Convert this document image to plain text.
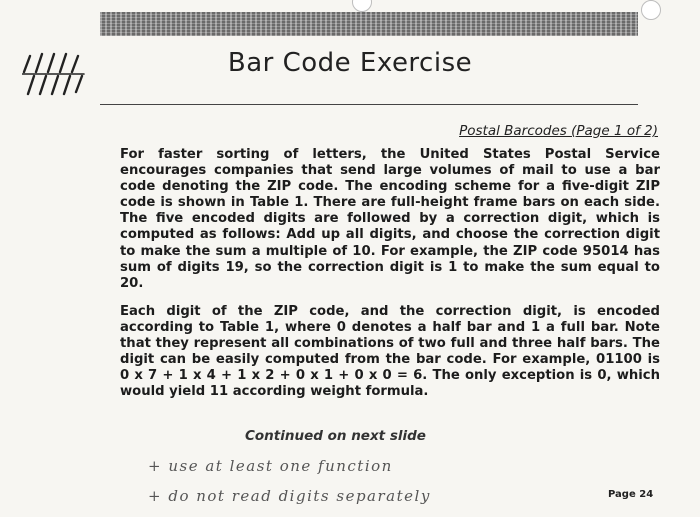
Bar Code Exercise
Postal Barcodes (Page 1 of 2)

For faster sorting of letters, the United States Postal Service encourages companies that send large volumes of mail to use a bar code denoting the ZIP code. The encoding scheme for a five-digit ZIP code is shown in Table 1. There are full-height frame bars on each side. The five encoded digits are followed by a correction digit, which is computed as follows: Add up all digits, and choose the correction digit to make the sum a multiple of 10. For example, the ZIP code 95014 has sum of digits 19, so the correction digit is 1 to make the sum equal to 20.

Each digit of the ZIP code, and the correction digit, is encoded according to Table 1, where 0 denotes a half bar and 1 a full bar. Note that they represent all combinations of two full and three half bars. The digit can be easily computed from the bar code. For example, 01100 is 0 x 7 + 1 x 4 + 1 x 2 + 0 x 1 + 0 x 0 = 6. The only exception is 0, which would yield 11 according weight formula.

Continued on next slide
+ use at least one function
+ do not read digits separately	Page 24
